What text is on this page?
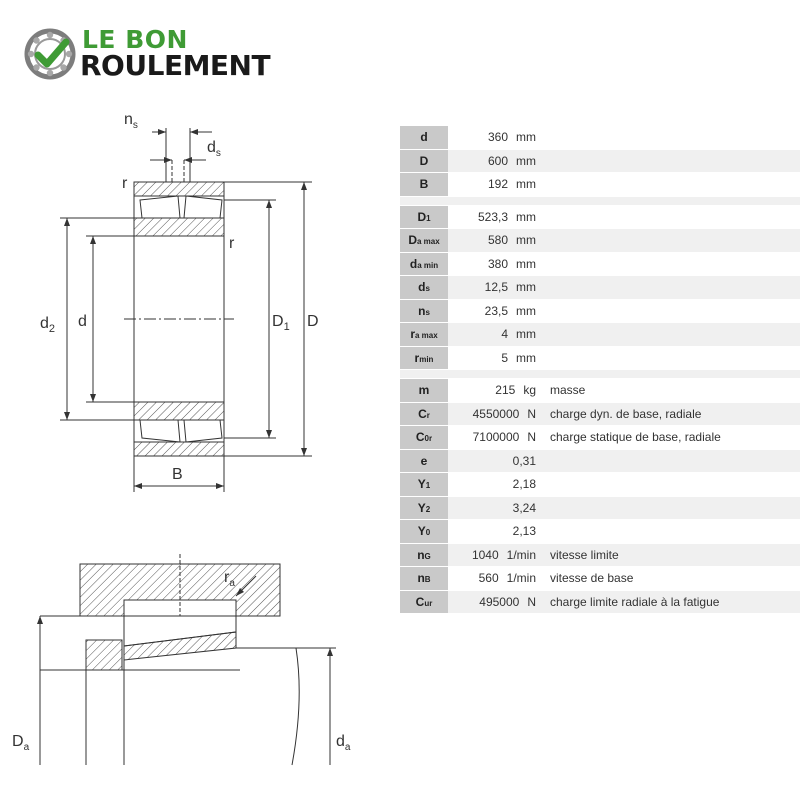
LE BON
ROULEMENT
$n_s$
$d_s$
r
r
$d_2$ d	$D_1$ D
B
$r_a$
$D_a$	$d_a$
d	360 mm
D	600 mm
B	192 mm
$D_1$	523,3 mm
$D_{a max}$	580 mm
$d_{a min}$	380 mm
$d_s$	12,5 mm
$n_s$	23,5 mm
$r_{a max}$	4 mm
$r_{min}$	5 mm
m	215 kg	masse
$C_r$	4550000 N	charge dyn. de base, radiale
$C_{0r}$	7100000 N	charge statique de base, radiale
e	0,31
$Y_1$	2,18
$Y_2$	3,24
$Y_0$	2,13
$n_G$	1040 1/min	vitesse limite
$n_B$	560 1/min	vitesse de base
$C_{ur}$	495000 N	charge limite radiale à la fatigue
